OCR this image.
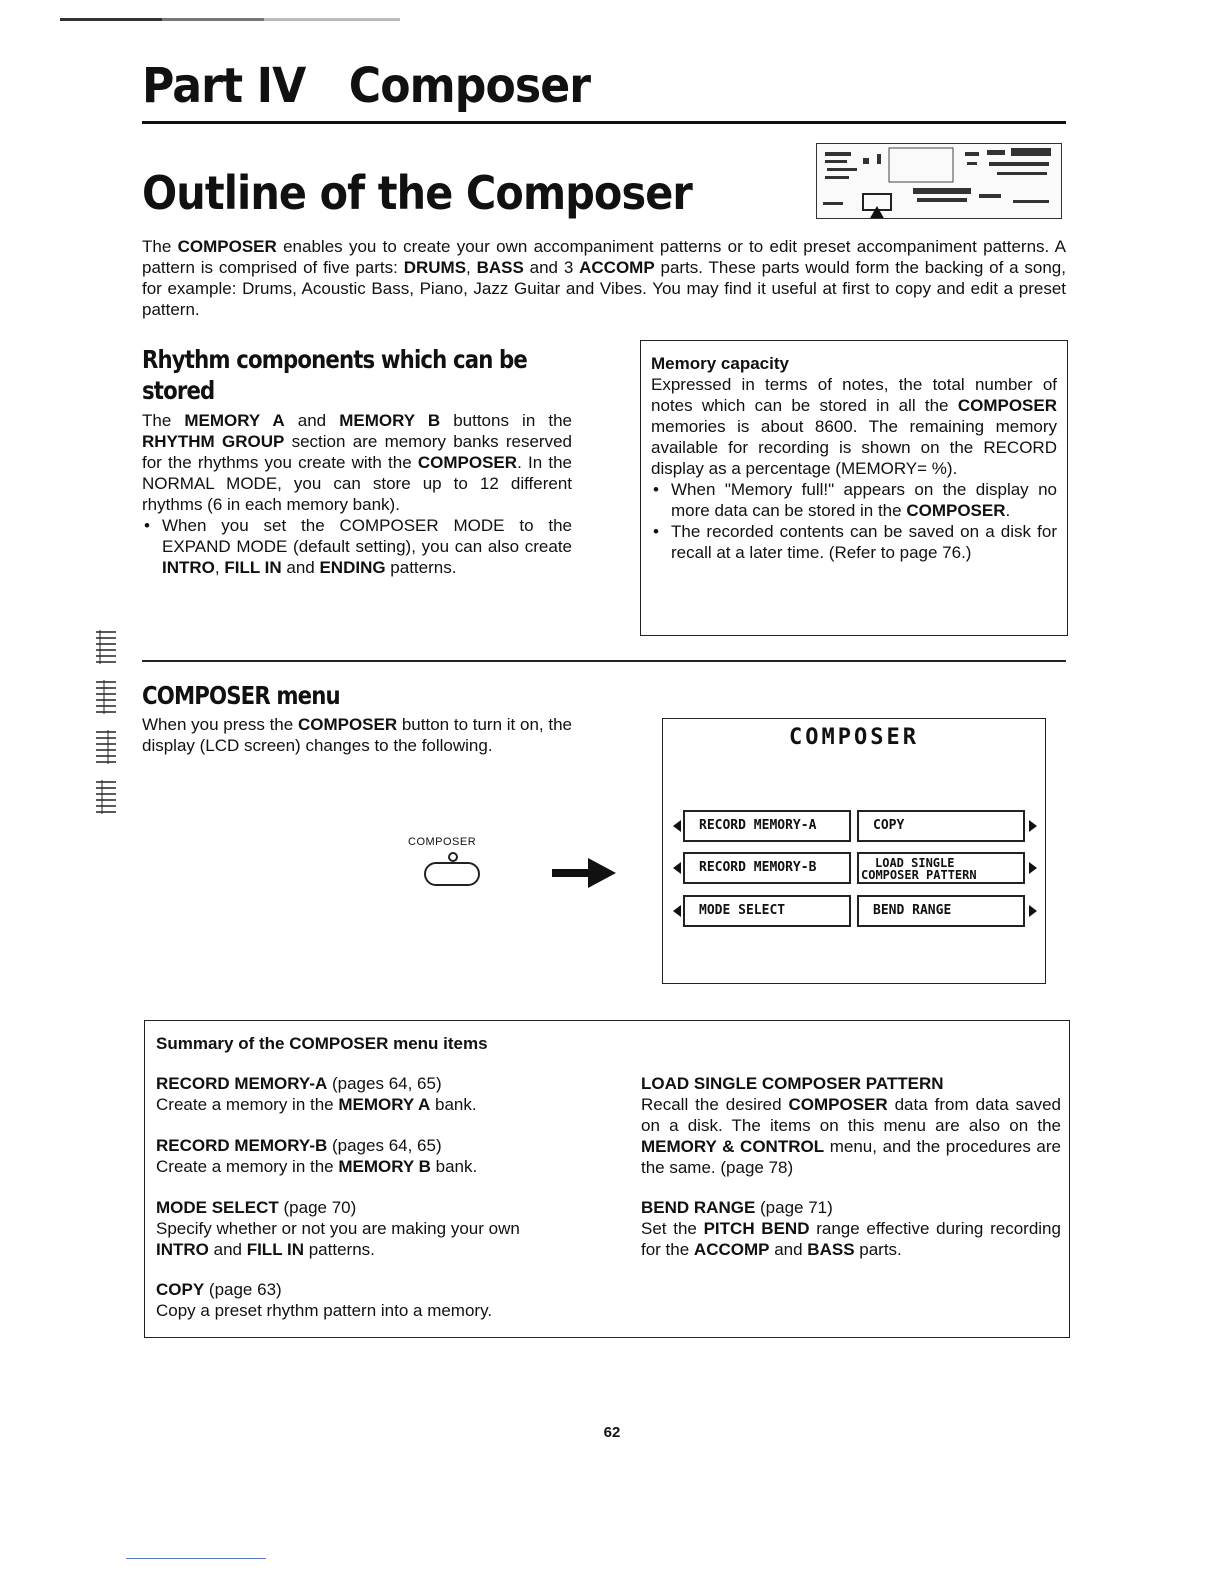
Part IV   Composer
Outline of the Composer

The COMPOSER enables you to create your own accompaniment patterns or to edit preset accompaniment patterns. A pattern is comprised of five parts: DRUMS, BASS and 3 ACCOMP parts. These parts would form the backing of a song, for example: Drums, Acoustic Bass, Piano, Jazz Guitar and Vibes. You may find it useful at first to copy and edit a preset pattern.

Rhythm components which can be stored

The MEMORY A and MEMORY B buttons in the RHYTHM GROUP section are memory banks reserved for the rhythms you create with the COMPOSER. In the NORMAL MODE, you can store up to 12 different rhythms (6 in each memory bank).

• When you set the COMPOSER MODE to the EXPAND MODE (default setting), you can also create INTRO, FILL IN and ENDING patterns.

Memory capacity

Expressed in terms of notes, the total number of notes which can be stored in all the COMPOSER memories is about 8600. The remaining memory available for recording is shown on the RECORD display as a percentage (MEMORY= %).

• When "Memory full!" appears on the display no more data can be stored in the COMPOSER.
• The recorded contents can be saved on a disk for recall at a later time. (Refer to page 76.)
COMPOSER menu

When you press the COMPOSER button to turn it on, the display (LCD screen) changes to the following.

COMPOSER
COMPOSER
RECORD MEMORY-A	COPY
RECORD MEMORY-B	LOAD SINGLE
COMPOSER PATTERN
MODE SELECT	BEND RANGE
Summary of the COMPOSER menu items
RECORD MEMORY-A (pages 64, 65)
Create a memory in the MEMORY A bank.
RECORD MEMORY-B (pages 64, 65)
Create a memory in the MEMORY B bank.
MODE SELECT (page 70)
Specify whether or not you are making your own INTRO and FILL IN patterns.
COPY (page 63)
Copy a preset rhythm pattern into a memory.
LOAD SINGLE COMPOSER PATTERN
Recall the desired COMPOSER data from data saved on a disk. The items on this menu are also on the MEMORY & CONTROL menu, and the procedures are the same. (page 78)
BEND RANGE (page 71)
Set the PITCH BEND range effective during recording for the ACCOMP and BASS parts.
62
